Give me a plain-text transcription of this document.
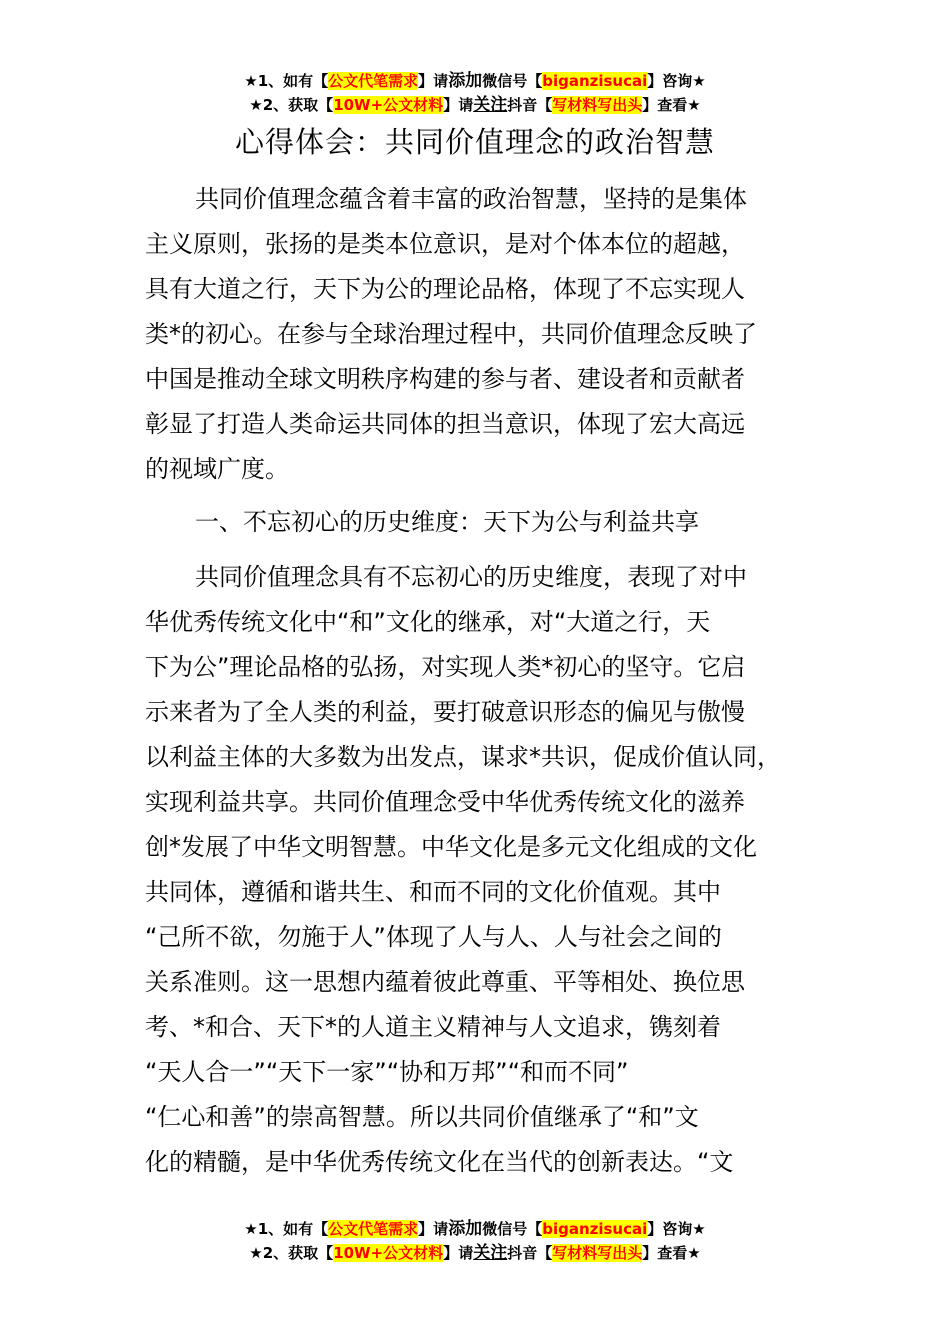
★1、如有【公文代笔需求】请添加微信号【biganzisucai】咨询★
★2、获取【10W+公文材料】请关注抖音【写材料写出头】查看★
心得体会：共同价值理念的政治智慧
共同价值理念蕴含着丰富的政治智慧，坚持的是集体
主义原则，张扬的是类本位意识，是对个体本位的超越，
具有大道之行，天下为公的理论品格，体现了不忘实现人
类*的初心。在参与全球治理过程中，共同价值理念反映了
中国是推动全球文明秩序构建的参与者、建设者和贡献者
彰显了打造人类命运共同体的担当意识，体现了宏大高远
的视域广度。
一、不忘初心的历史维度：天下为公与利益共享
共同价值理念具有不忘初心的历史维度，表现了对中
华优秀传统文化中“和”文化的继承，对“大道之行，天
下为公”理论品格的弘扬，对实现人类*初心的坚守。它启
示来者为了全人类的利益，要打破意识形态的偏见与傲慢
以利益主体的大多数为出发点，谋求*共识，促成价值认同，
实现利益共享。共同价值理念受中华优秀传统文化的滋养
创*发展了中华文明智慧。中华文化是多元文化组成的文化
共同体，遵循和谐共生、和而不同的文化价值观。其中
“己所不欲，勿施于人”体现了人与人、人与社会之间的
关系准则。这一思想内蕴着彼此尊重、平等相处、换位思
考、*和合、天下*的人道主义精神与人文追求，镌刻着
“天人合一”“天下一家”“协和万邦”“和而不同”
“仁心和善”的崇高智慧。所以共同价值继承了“和”文
化的精髓，是中华优秀传统文化在当代的创新表达。“文
★1、如有【公文代笔需求】请添加微信号【biganzisucai】咨询★
★2、获取【10W+公文材料】请关注抖音【写材料写出头】查看★
